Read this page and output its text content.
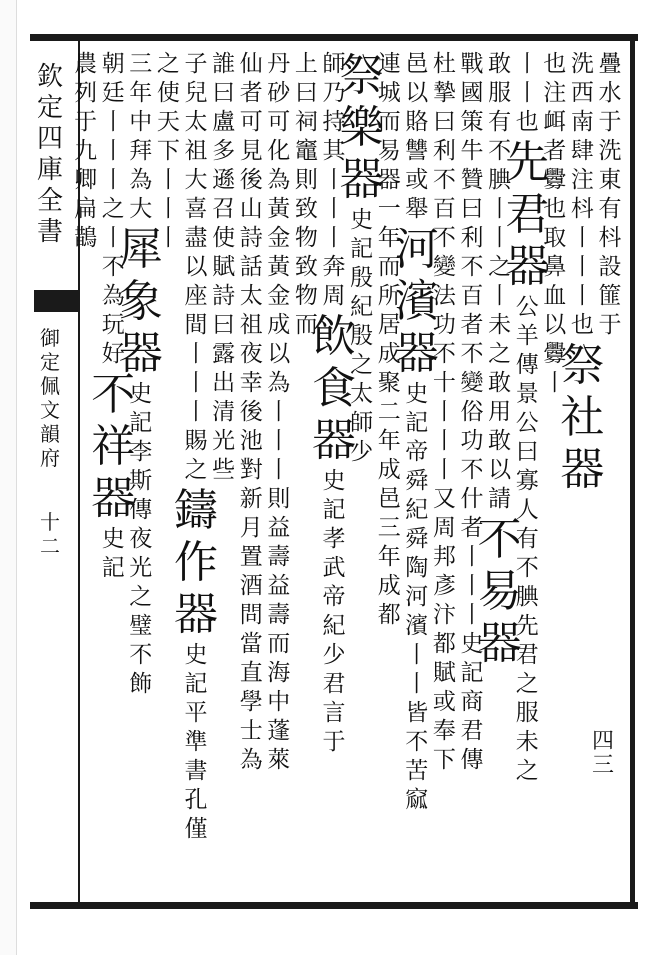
欽
定
四
庫
全
書
御
定
佩
文
韻
府
十
二
疊
水
于
洗
東
有
枓
設
篚
于
洗
西
南
肆
注
枓
丨
丨
丨
也
祭
社
器
也
注
衈
者
釁
也
取
鼻
血
以
釁
丨
丨
丨
也
先
君
器
公
羊
傳
景
公
曰
寡
人
有
不
腆
先
君
之
服
未
之
敢
服
有
不
腆
丨
丨
之
丨
未
之
敢
用
敢
以
請
不
易
器
戰
國
策
牛
贊
曰
利
不
百
者
不
變
俗
功
不
什
者
丨
丨
丨
史
記
商
君
傳
杜
摯
曰
利
不
百
不
變
法
功
不
十
丨
丨
丨
又
周
邦
彥
汴
都
賦
或
奉
下
邑
以
賂
讐
或
舉
河
濱
器
史
記
帝
舜
紀
舜
陶
河
濱
丨
丨
皆
不
苦
窳
連
城
而
易
器
一
年
而
所
居
成
聚
二
年
成
邑
三
年
成
都
祭
樂
器
史
記
殷
紀
殷
之
太
師
少
師
乃
持
其
丨
丨
丨
奔
周
飲
食
器
史
記
孝
武
帝
紀
少
君
言
于
上
曰
祠
竈
則
致
物
致
物
而
丹
砂
可
化
為
黃
金
黃
金
成
以
為
丨
丨
丨
則
益
壽
益
壽
而
海
中
蓬
萊
仙
者
可
見
後
山
詩
話
太
祖
夜
幸
後
池
對
新
月
置
酒
問
當
直
學
士
為
誰
曰
盧
多
遜
召
使
賦
詩
曰
露
出
清
光
些
子
兒
太
祖
大
喜
盡
以
座
間
丨
丨
丨
賜
之
鑄
作
器
史
記
平
準
書
孔
僅
之
使
天
下
丨
丨
丨
三
年
中
拜
為
大
犀
象
器
史
記
李
斯
傳
夜
光
之
璧
不
飾
朝
廷
丨
丨
丨
之
丨
不
為
玩
好
不
祥
器
史
記
農
列
于
九
卿
扁
鵲
四
三
